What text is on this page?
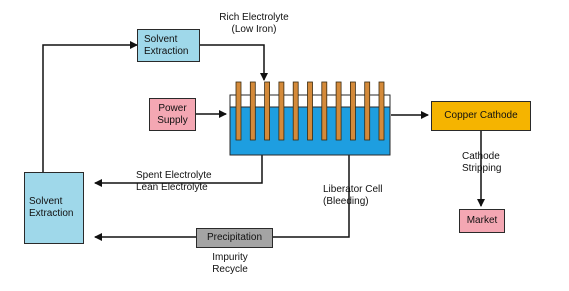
Solvent
Extraction
Solvent
Extraction
Power
Supply	Copper Cathode
Precipitation
Market
Rich Electrolyte
(Low Iron)
Spent Electrolyte
Lean Electrolyte	Liberator Cell
(Bleeding)
Cathode
Stripping
Impurity
Recycle
